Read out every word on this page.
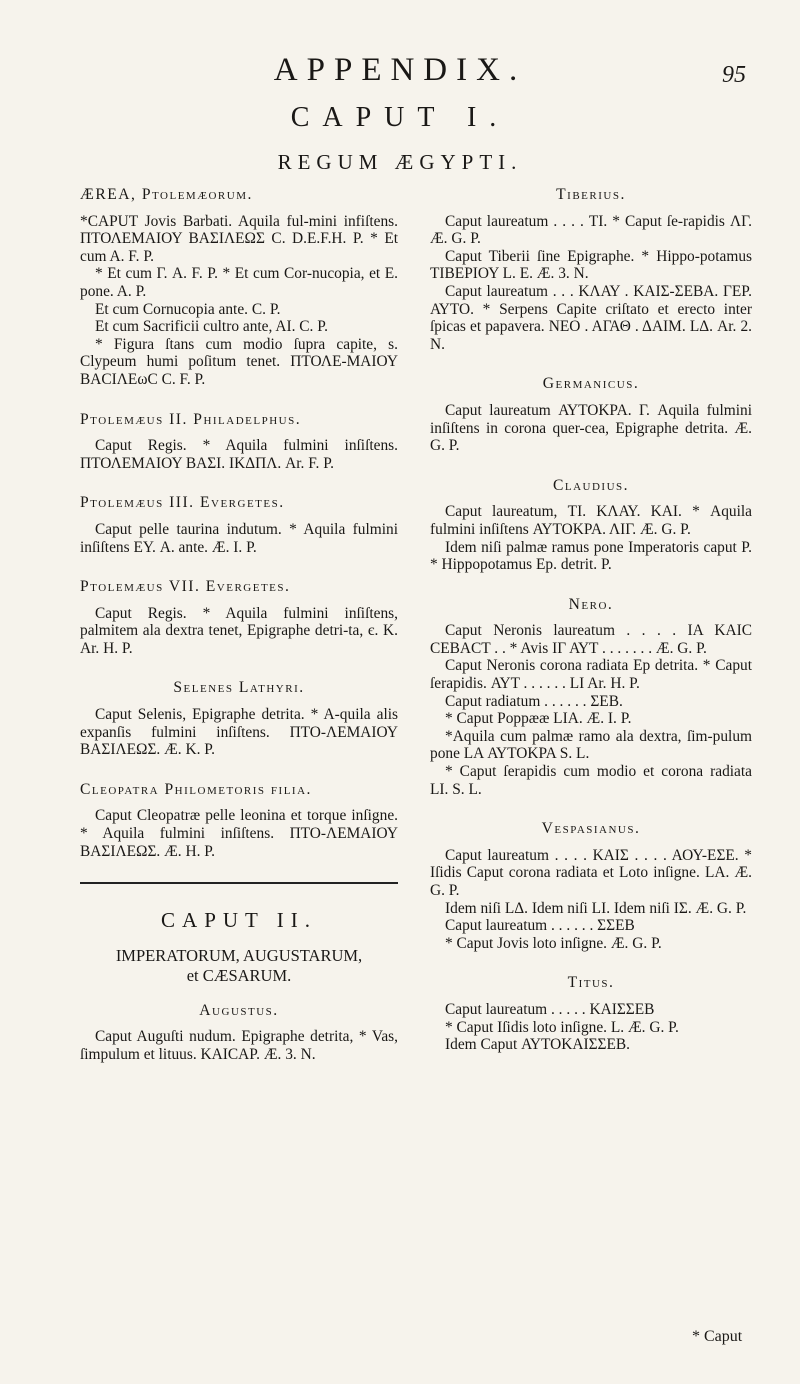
APPENDIX.	95
CAPUT I.
REGUM ÆGYPTI.
ÆREA, Ptolemæorum.

*CAPUT Jovis Barbati. Aquila ful-mini infiſtens. ΠΤΟΛΕΜΑΙΟΥ ΒΑΣΙΛΕΩΣ C. D.E.F.H. P. * Et cum A. F. P.

* Et cum Γ. A. F. P. * Et cum Cor-nucopia, et E. pone. A. P.

Et cum Cornucopia ante. C. P.

Et cum Sacrificii cultro ante, AI. C. P.

* Figura ſtans cum modio ſupra capite, s. Clypeum humi poſitum tenet. ΠΤΟΛΕ-ΜΑΙΟΥ ΒΑCIΛΕωC C. F. P.

Ptolemæus II. Philadelphus.

Caput Regis. * Aquila fulmini inſiſtens. ΠΤΟΛΕΜΑΙΟΥ ΒΑΣΙ. ΙΚΔΠΛ. Ar. F. P.

Ptolemæus III. Evergetes.

Caput pelle taurina indutum. * Aquila fulmini inſiſtens ΕΥ. A. ante. Æ. I. P.

Ptolemæus VII. Evergetes.

Caput Regis. * Aquila fulmini inſiſtens, palmitem ala dextra tenet, Epigraphe detri-ta, є. K. Ar. H. P.

Selenes Lathyri.

Caput Selenis, Epigraphe detrita. * A-quila alis expanſis fulmini inſiſtens. ΠΤΟ-ΛΕΜΑΙΟΥ ΒΑΣΙΛΕΩΣ. Æ. K. P.

Cleopatra Philometoris filia.

Caput Cleopatræ pelle leonina et torque inſigne. * Aquila fulmini inſiſtens. ΠΤΟ-ΛΕΜΑΙΟΥ ΒΑΣΙΛΕΩΣ. Æ. H. P.

CAPUT II.
IMPERATORUM, AUGUSTARUM,
et CÆSARUM.
Augustus.

Caput Auguſti nudum. Epigraphe detrita, * Vas, ſimpulum et lituus. ΚΑΙCΑΡ. Æ. 3. N.

Tiberius.

Caput laureatum . . . . ΤΙ. * Caput ſe-rapidis ΛΓ. Æ. G. P.

Caput Tiberii ſine Epigraphe. * Hippo-potamus ΤΙΒΕΡΙΟΥ L. E. Æ. 3. N.

Caput laureatum . . . ΚΛΑΥ . ΚΑΙΣ-ΣΕΒΑ. ΓΕΡ. ΑΥΤΟ. * Serpens Capite criſtato et erecto inter ſpicas et papavera. ΝΕΟ . ΑΓΑΘ . ΔΑΙΜ. LΔ. Ar. 2. N.

Germanicus.

Caput laureatum ΑΥΤΟΚΡΑ. Γ. Aquila fulmini inſiſtens in corona quer-cea, Epigraphe detrita. Æ. G. P.

Claudius.

Caput laureatum, ΤΙ. ΚΛΑΥ. ΚΑΙ. * Aquila fulmini inſiſtens ΑΥΤΟΚΡΑ. ΛΙΓ. Æ. G. P.

Idem niſi palmæ ramus pone Imperatoris caput P. * Hippopotamus Ep. detrit. P.

Nero.

Caput Neronis laureatum . . . . ΙΑ ΚΑΙC CEBACT . . * Avis ΙΓ ΑΥΤ . . . . . . . Æ. G. P.

Caput Neronis corona radiata Ep detrita. * Caput ſerapidis. ΑΥΤ . . . . . . LI Ar. H. P.

Caput radiatum . . . . . . ΣΕΒ.

* Caput Poppææ LIA. Æ. I. P.

*Aquila cum palmæ ramo ala dextra, ſim-pulum pone LA ΑΥΤΟΚΡΑ S. L.

* Caput ſerapidis cum modio et corona radiata LI. S. L.

Vespasianus.

Caput laureatum . . . . ΚΑΙΣ . . . . ΑΟΥ-ΕΣΕ. * Iſidis Caput corona radiata et Loto inſigne. LA. Æ. G. P.

Idem niſi LΔ. Idem niſi LI. Idem niſi ΙΣ. Æ. G. P.

Caput laureatum . . . . . . ΣΣΕΒ

* Caput Jovis loto inſigne. Æ. G. P.

Titus.

Caput laureatum . . . . . ΚΑΙΣΣΕΒ

* Caput Iſidis loto inſigne. L. Æ. G. P.

Idem Caput ΑΥΤΟΚΑΙΣΣΕΒ.

* Caput
